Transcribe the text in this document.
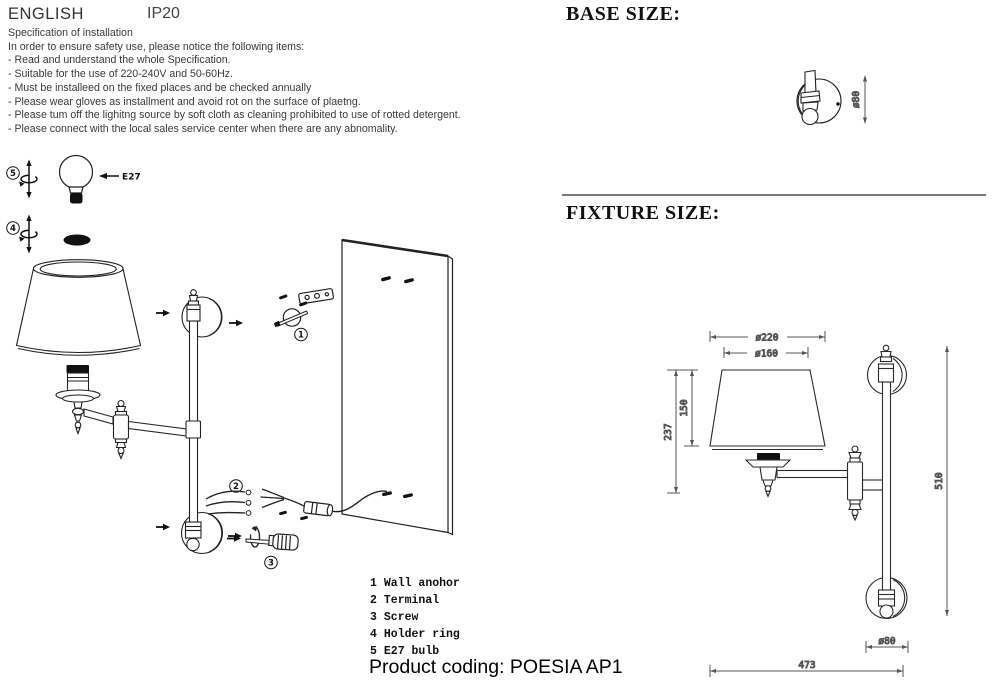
ENGLISH	IP20
Specification of installation
In order to ensure safety use, please notice the following items:
- Read and understand the whole Specification.
- Suitable for the use of 220-240V and 50-60Hz.
- Must be installeed on the fixed places and be checked annually
- Please wear gloves as installment and avoid rot on the surface of plaetng.
- Please tum off the lighitng source by soft cloth as cleaning prohibited to use of rotted detergent.
- Please connect with the local sales service center when there are any abnomality.
BASE SIZE:
FIXTURE SIZE:
ø80
ø220
ø160
237
150
510
ø80
473
5	E27
4
1
2
3
1 Wall anohor
2 Terminal
3 Screw
4 Holder ring
5 E27 bulb
Product coding: POESIA AP1
